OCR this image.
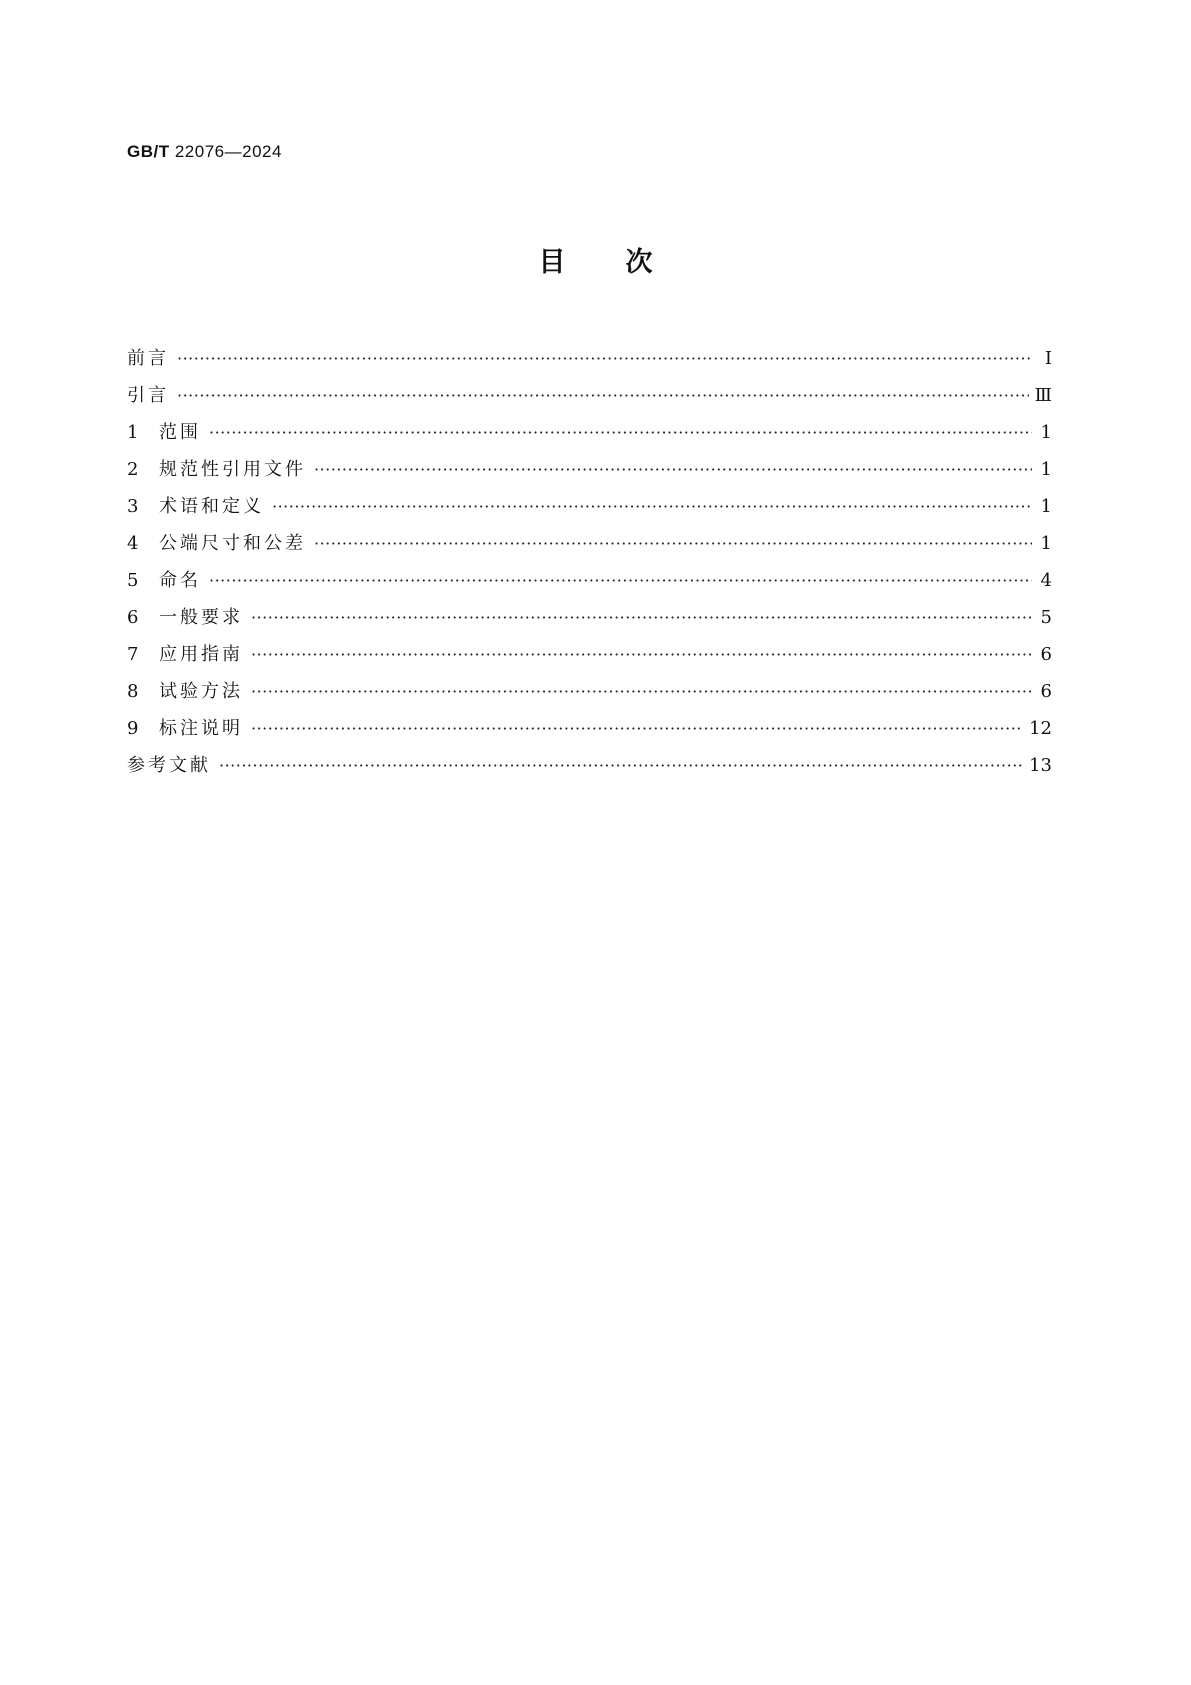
GB/T 22076—2024
目次
前言 ·····	Ⅰ
引言 ·····	Ⅲ
1	范围 ·····	1
2	规范性引用文件 ·····	1
3	术语和定义 ·····	1
4	公端尺寸和公差 ·····	1
5	命名 ·····	4
6	一般要求 ·····	5
7	应用指南 ·····	6
8	试验方法 ·····	6
9	标注说明 ·····	12
参考文献 ·····	13
